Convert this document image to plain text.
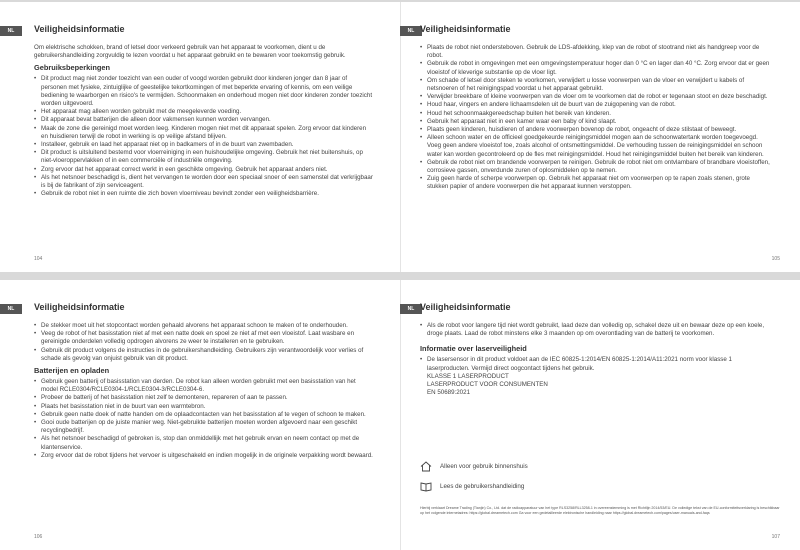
NL	Veiligheidsinformatie

Om elektrische schokken, brand of letsel door verkeerd gebruik van het apparaat te voorkomen, dient u de gebruikershandleiding zorgvuldig te lezen voordat u het apparaat gebruikt en te bewaren voor toekomstig gebruik.

Gebruiksbeperkingen
• Dit product mag niet zonder toezicht van een ouder of voogd worden gebruikt door kinderen jonger dan 8 jaar of personen met fysieke, zintuiglijke of geestelijke tekortkomingen of met beperkte ervaring of kennis, om een veilige bediening te waarborgen en risico's te vermijden. Schoonmaken en onderhoud mogen niet door kinderen zonder toezicht worden uitgevoerd.
• Het apparaat mag alleen worden gebruikt met de meegeleverde voeding.
• Dit apparaat bevat batterijen die alleen door vakmensen kunnen worden vervangen.
• Maak de zone die gereinigd moet worden leeg. Kinderen mogen niet met dit apparaat spelen. Zorg ervoor dat kinderen en huisdieren terwijl de robot in werking is op veilige afstand blijven.
• Installeer, gebruik en laad het apparaat niet op in badkamers of in de buurt van zwembaden.
• Dit product is uitsluitend bestemd voor vloerreiniging in een huishoudelijke omgeving. Gebruik het niet buitenshuis, op niet-vloeroppervlakken of in een commerciële of industriële omgeving.
• Zorg ervoor dat het apparaat correct werkt in een geschikte omgeving. Gebruik het apparaat anders niet.
• Als het netsnoer beschadigd is, dient het vervangen te worden door een speciaal snoer of een samenstel dat verkrijgbaar is bij de fabrikant of zijn serviceagent.
• Gebruik de robot niet in een ruimte die zich boven vloerniveau bevindt zonder een veiligheidsbarrière.
104
NL Veiligheidsinformatie
• Plaats de robot niet ondersteboven. Gebruik de LDS-afdekking, klep van de robot of stootrand niet als handgreep voor de robot.
• Gebruik de robot in omgevingen met een omgevingstemperatuur hoger dan 0 °C en lager dan 40 °C. Zorg ervoor dat er geen vloeistof of kleverige substantie op de vloer ligt.
• Om schade of letsel door steken te voorkomen, verwijdert u losse voorwerpen van de vloer en verwijdert u kabels of netsnoeren of het reinigingspad voordat u het apparaat gebruikt.
• Verwijder breekbare of kleine voorwerpen van de vloer om te voorkomen dat de robot er tegenaan stoot en deze beschadigt.
• Houd haar, vingers en andere lichaamsdelen uit de buurt van de zuigopening van de robot.
• Houd het schoonmaakgereedschap buiten het bereik van kinderen.
• Gebruik het apparaat niet in een kamer waar een baby of kind slaapt.
• Plaats geen kinderen, huisdieren of andere voorwerpen bovenop de robot, ongeacht of deze stilstaat of beweegt.
• Alleen schoon water en de officieel goedgekeurde reinigingsmiddel mogen aan de schoonwatertank worden toegevoegd. Voeg geen andere vloeistof toe, zoals alcohol of ontsmettingsmiddel. De verhouding tussen de reinigingsmiddel en schoon water kan worden gecontroleerd op de fles met reinigingsmiddel. Houd het reinigingsmiddel buiten het bereik van kinderen.
• Gebruik de robot niet om brandende voorwerpen te reinigen. Gebruik de robot niet om ontvlambare of brandbare vloeistoffen, corrosieve gassen, onverdunde zuren of oplosmiddelen op te nemen.
• Zuig geen harde of scherpe voorwerpen op. Gebruik het apparaat niet om voorwerpen op te rapen zoals stenen, grote stukken papier of andere voorwerpen die het apparaat kunnen verstoppen.
105
NL	Veiligheidsinformatie
• De stekker moet uit het stopcontact worden gehaald alvorens het apparaat schoon te maken of te onderhouden.
• Veeg de robot of het basisstation niet af met een natte doek en spoel ze niet af met een vloeistof. Laat wasbare en gereinigde onderdelen volledig opdrogen alvorens ze weer te installeren en te gebruiken.
• Gebruik dit product volgens de instructies in de gebruikershandleiding. Gebruikers zijn verantwoordelijk voor verlies of schade als gevolg van onjuist gebruik van dit product.
Batterijen en opladen
• Gebruik geen batterij of basisstation van derden. De robot kan alleen worden gebruikt met een basisstation van het model RCLE0304/RCLE0304-1/RCLE0304-3/RCLE0304-6.
• Probeer de batterij of het basisstation niet zelf te demonteren, repareren of aan te passen.
• Plaats het basisstation niet in de buurt van een warmtebron.
• Gebruik geen natte doek of natte handen om de oplaadcontacten van het basisstation af te vegen of schoon te maken.
• Gooi oude batterijen op de juiste manier weg. Niet-gebruikte batterijen moeten worden afgevoerd naar een geschikt recyclingbedrijf.
• Als het netsnoer beschadigd of gebroken is, stop dan onmiddellijk met het gebruik ervan en neem contact op met de klantenservice.
• Zorg ervoor dat de robot tijdens het vervoer is uitgeschakeld en indien mogelijk in de originele verpakking wordt bewaard.
106
NL Veiligheidsinformatie
• Als de robot voor langere tijd niet wordt gebruikt, laad deze dan volledig op, schakel deze uit en bewaar deze op een koele, droge plaats. Laad de robot minstens elke 3 maanden op om overontlading van de batterij te voorkomen.
Informatie over laserveiligheid
• De lasersensor in dit product voldoet aan de IEC 60825-1:2014/EN 60825-1:2014/A11:2021 norm voor klasse 1 laserproducten. Vermijd direct oogcontact tijdens het gebruik.
KLASSE 1 LASERPRODUCT
LASERPRODUCT VOOR CONSUMENTEN
EN 50689:2021
Alleen voor gebruik binnenshuis
Lees de gebruikershandleiding
Hierbij verklaart Dreame Trading (Tianjin) Co., Ltd. dat de radioapparatuur van het type RLS3258/RLL3258-1 in overeenstemming is met Richtlijn 2014/53/EU. De volledige tekst van de EU-conformiteitsverklaring is beschikbaar op het volgende internetadres: https://global.dreametech.com Ga voor een gedetailleerde elektronische handleiding naar https://global.dreametech.com/pages/user-manuals-and-faqs
107
